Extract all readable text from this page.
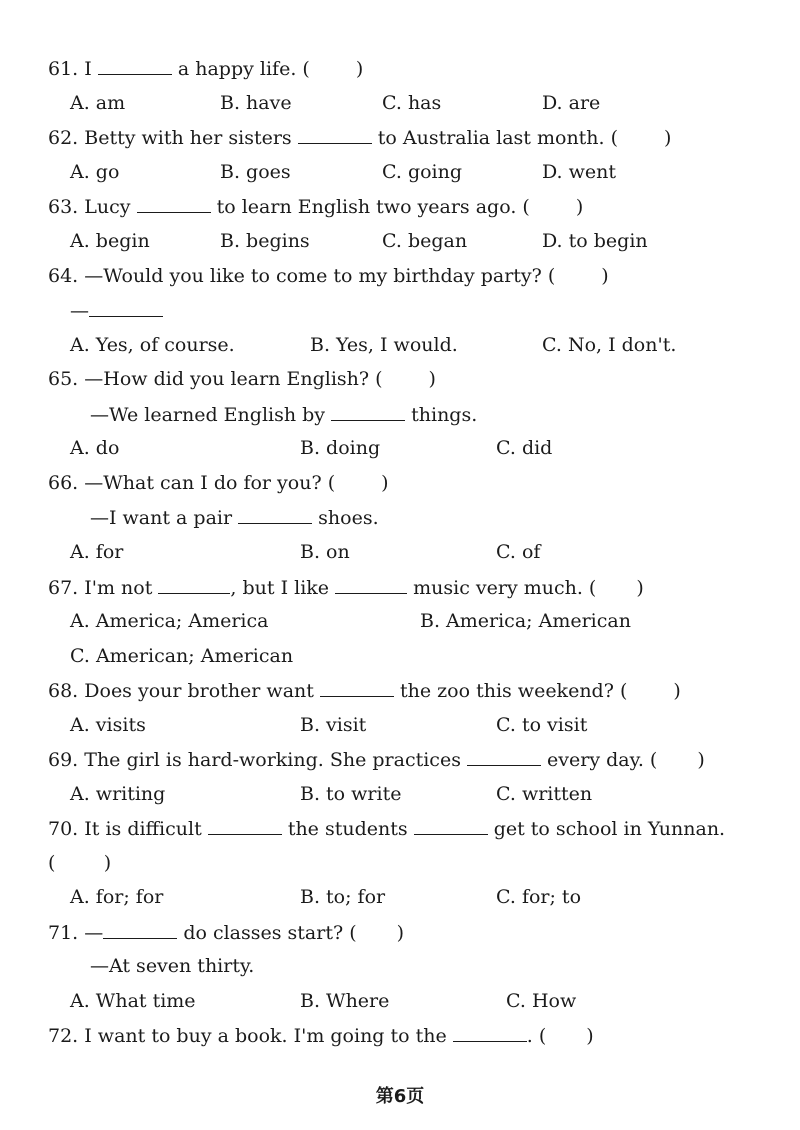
61. I	a happy life. ( )
A. am	B. have	C. has	D. are
62. Betty with her sisters	to Australia last month. ( )
A. go	B. goes	C. going	D. went
63. Lucy	to learn English two years ago. ( )
A. begin	B. begins	C. began	D. to begin
64. —Would you like to come to my birthday party? ( )
—
A. Yes, of course.	B. Yes, I would.	C. No, I don't.
65. —How did you learn English? ( )
—We learned English by	things.
A. do	B. doing	C. did
66. —What can I do for you? ( )
—I want a pair	shoes.
A. for	B. on	C. of
67. I'm not	, but I like	music very much. ( )
A. America; America	B. America; American
C. American; American
68. Does your brother want	the zoo this weekend? ( )
A. visits	B. visit	C. to visit
69. The girl is hard-working. She practices	every day. ( )
A. writing	B. to write	C. written
70. It is difficult	the students	get to school in Yunnan.
(        )
A. for; for	B. to; for	C. for; to
71. —	do classes start? ( )
—At seven thirty.
A. What time	B. Where	C. How
72. I want to buy a book. I'm going to the	. ( )
第6页
